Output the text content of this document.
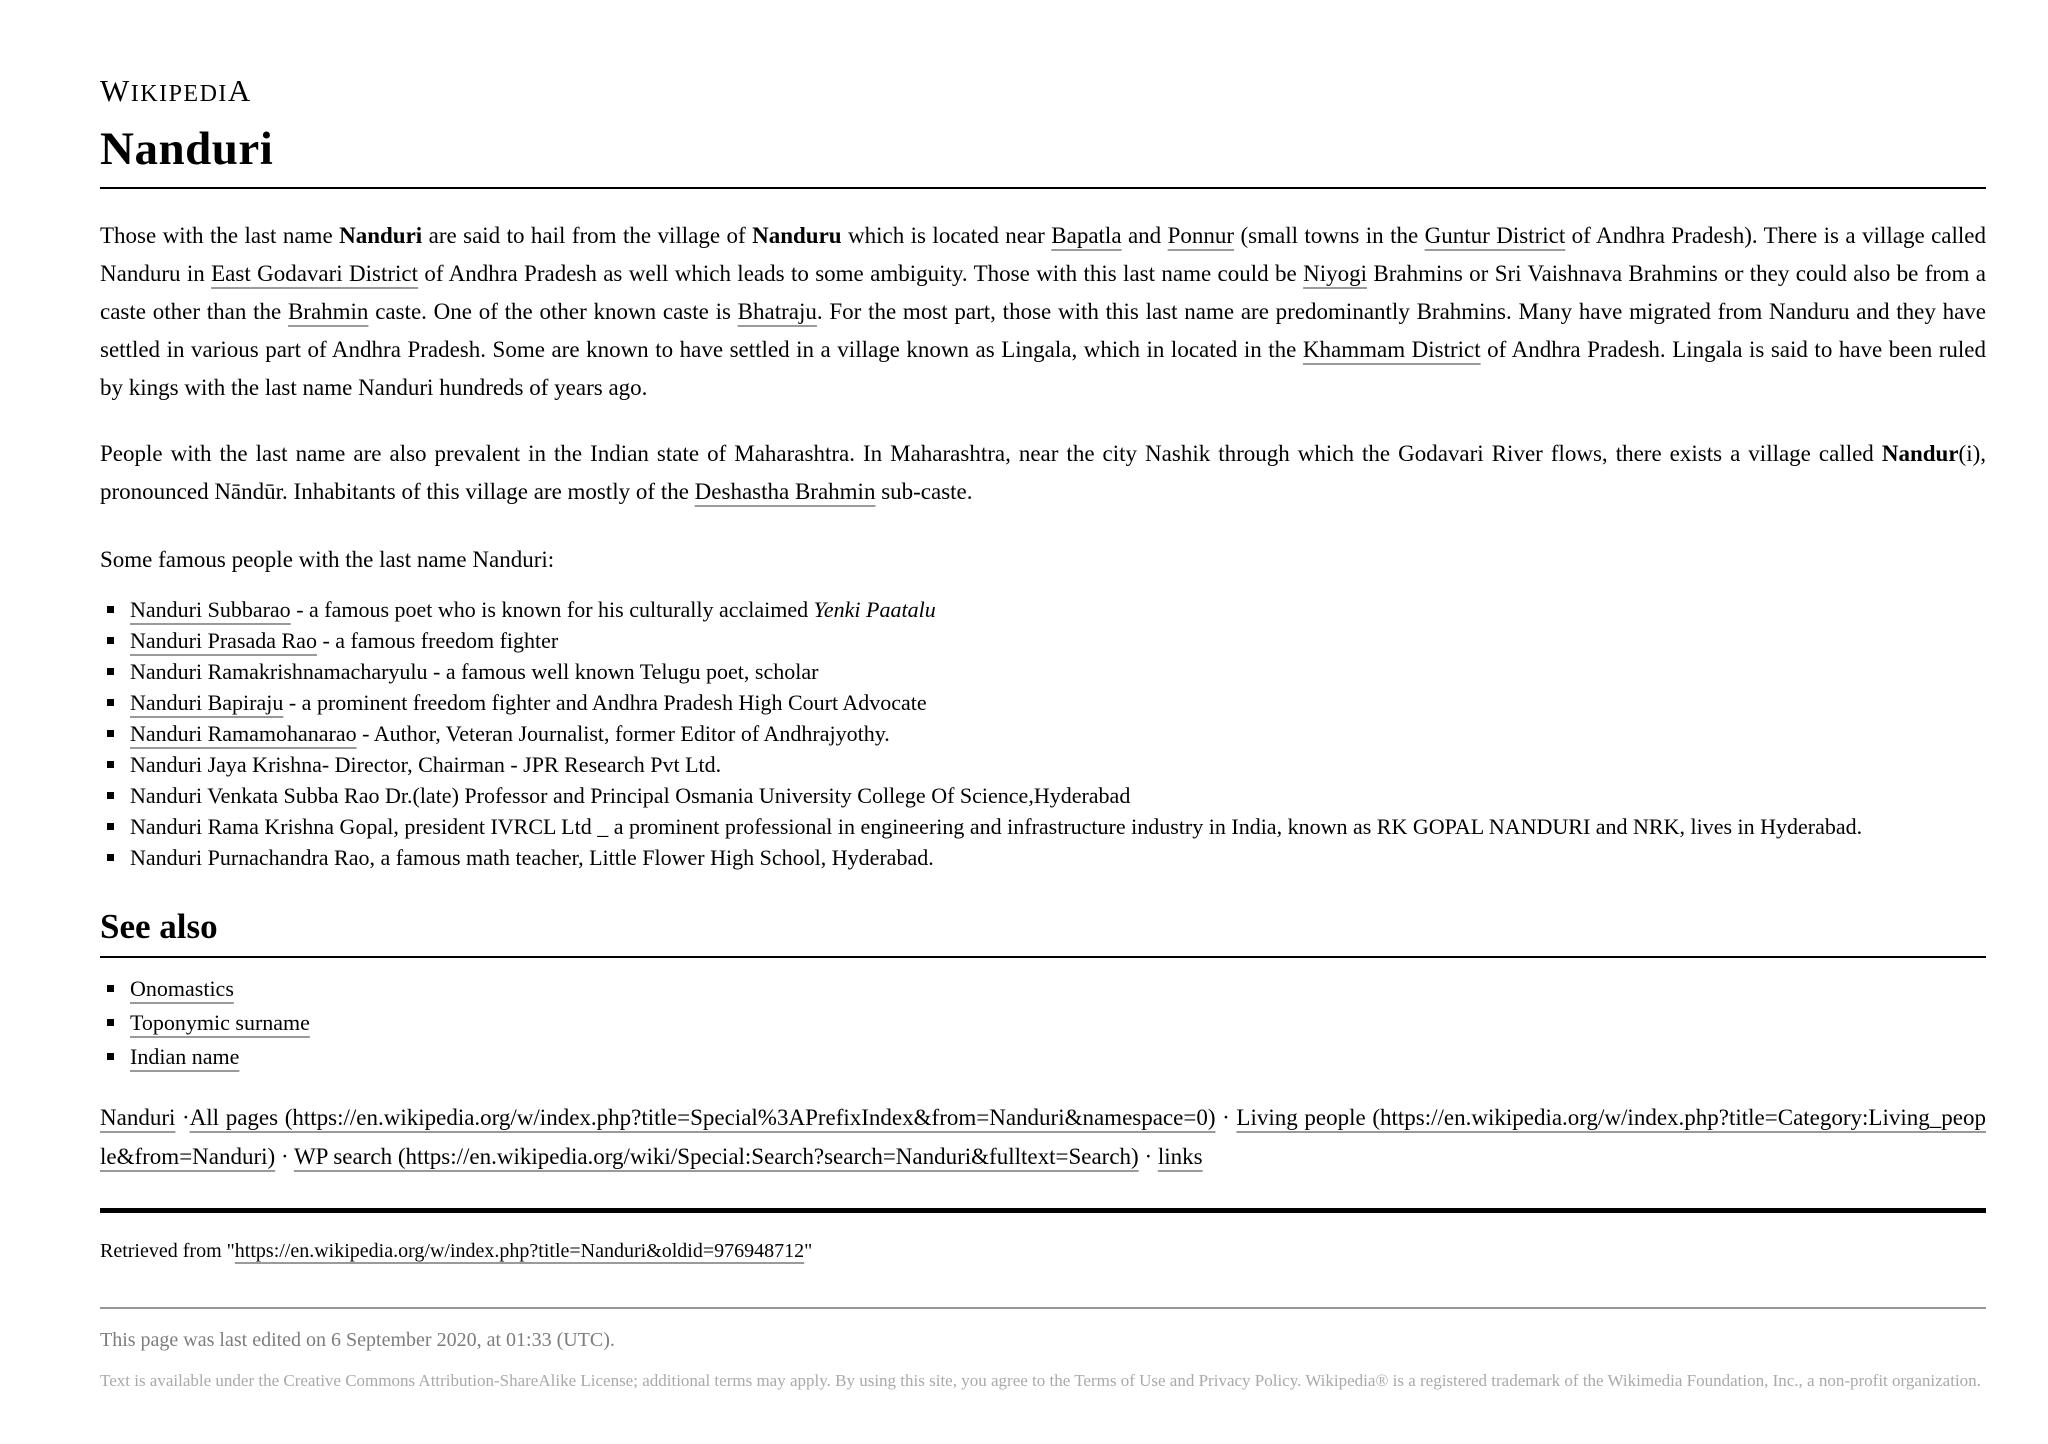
WIKIPEDIA
Nanduri

Those with the last name Nanduri are said to hail from the village of Nanduru which is located near Bapatla and Ponnur (small towns in the Guntur District of Andhra Pradesh). There is a village called Nanduru in East Godavari District of Andhra Pradesh as well which leads to some ambiguity. Those with this last name could be Niyogi Brahmins or Sri Vaishnava Brahmins or they could also be from a caste other than the Brahmin caste. One of the other known caste is Bhatraju. For the most part, those with this last name are predominantly Brahmins. Many have migrated from Nanduru and they have settled in various part of Andhra Pradesh. Some are known to have settled in a village known as Lingala, which in located in the Khammam District of Andhra Pradesh. Lingala is said to have been ruled by kings with the last name Nanduri hundreds of years ago.

People with the last name are also prevalent in the Indian state of Maharashtra. In Maharashtra, near the city Nashik through which the Godavari River flows, there exists a village called Nandur(i), pronounced Nāndūr. Inhabitants of this village are mostly of the Deshastha Brahmin sub-caste.

Some famous people with the last name Nanduri:

Nanduri Subbarao - a famous poet who is known for his culturally acclaimed Yenki Paatalu
Nanduri Prasada Rao - a famous freedom fighter
Nanduri Ramakrishnamacharyulu - a famous well known Telugu poet, scholar
Nanduri Bapiraju - a prominent freedom fighter and Andhra Pradesh High Court Advocate
Nanduri Ramamohanarao - Author, Veteran Journalist, former Editor of Andhrajyothy.
Nanduri Jaya Krishna- Director, Chairman - JPR Research Pvt Ltd.
Nanduri Venkata Subba Rao Dr.(late) Professor and Principal Osmania University College Of Science,Hyderabad
Nanduri Rama Krishna Gopal, president IVRCL Ltd _ a prominent professional in engineering and infrastructure industry in India, known as RK GOPAL NANDURI and NRK, lives in Hyderabad.
Nanduri Purnachandra Rao, a famous math teacher, Little Flower High School, Hyderabad.
See also
Onomastics
Toponymic surname
Indian name

Nanduri ·All pages (https://en.wikipedia.org/w/index.php?title=Special%3APrefixIndex&from=Nanduri&namespace=0) · Living people (https://en.wikipedia.org/w/index.php?title=Category:Living_people&from=Nanduri) · WP search (https://en.wikipedia.org/wiki/Special:Search?search=Nanduri&fulltext=Search) · links

Retrieved from "https://en.wikipedia.org/w/index.php?title=Nanduri&oldid=976948712"

This page was last edited on 6 September 2020, at 01:33 (UTC).

Text is available under the Creative Commons Attribution-ShareAlike License; additional terms may apply. By using this site, you agree to the Terms of Use and Privacy Policy. Wikipedia® is a registered trademark of the Wikimedia Foundation, Inc., a non-profit organization.
